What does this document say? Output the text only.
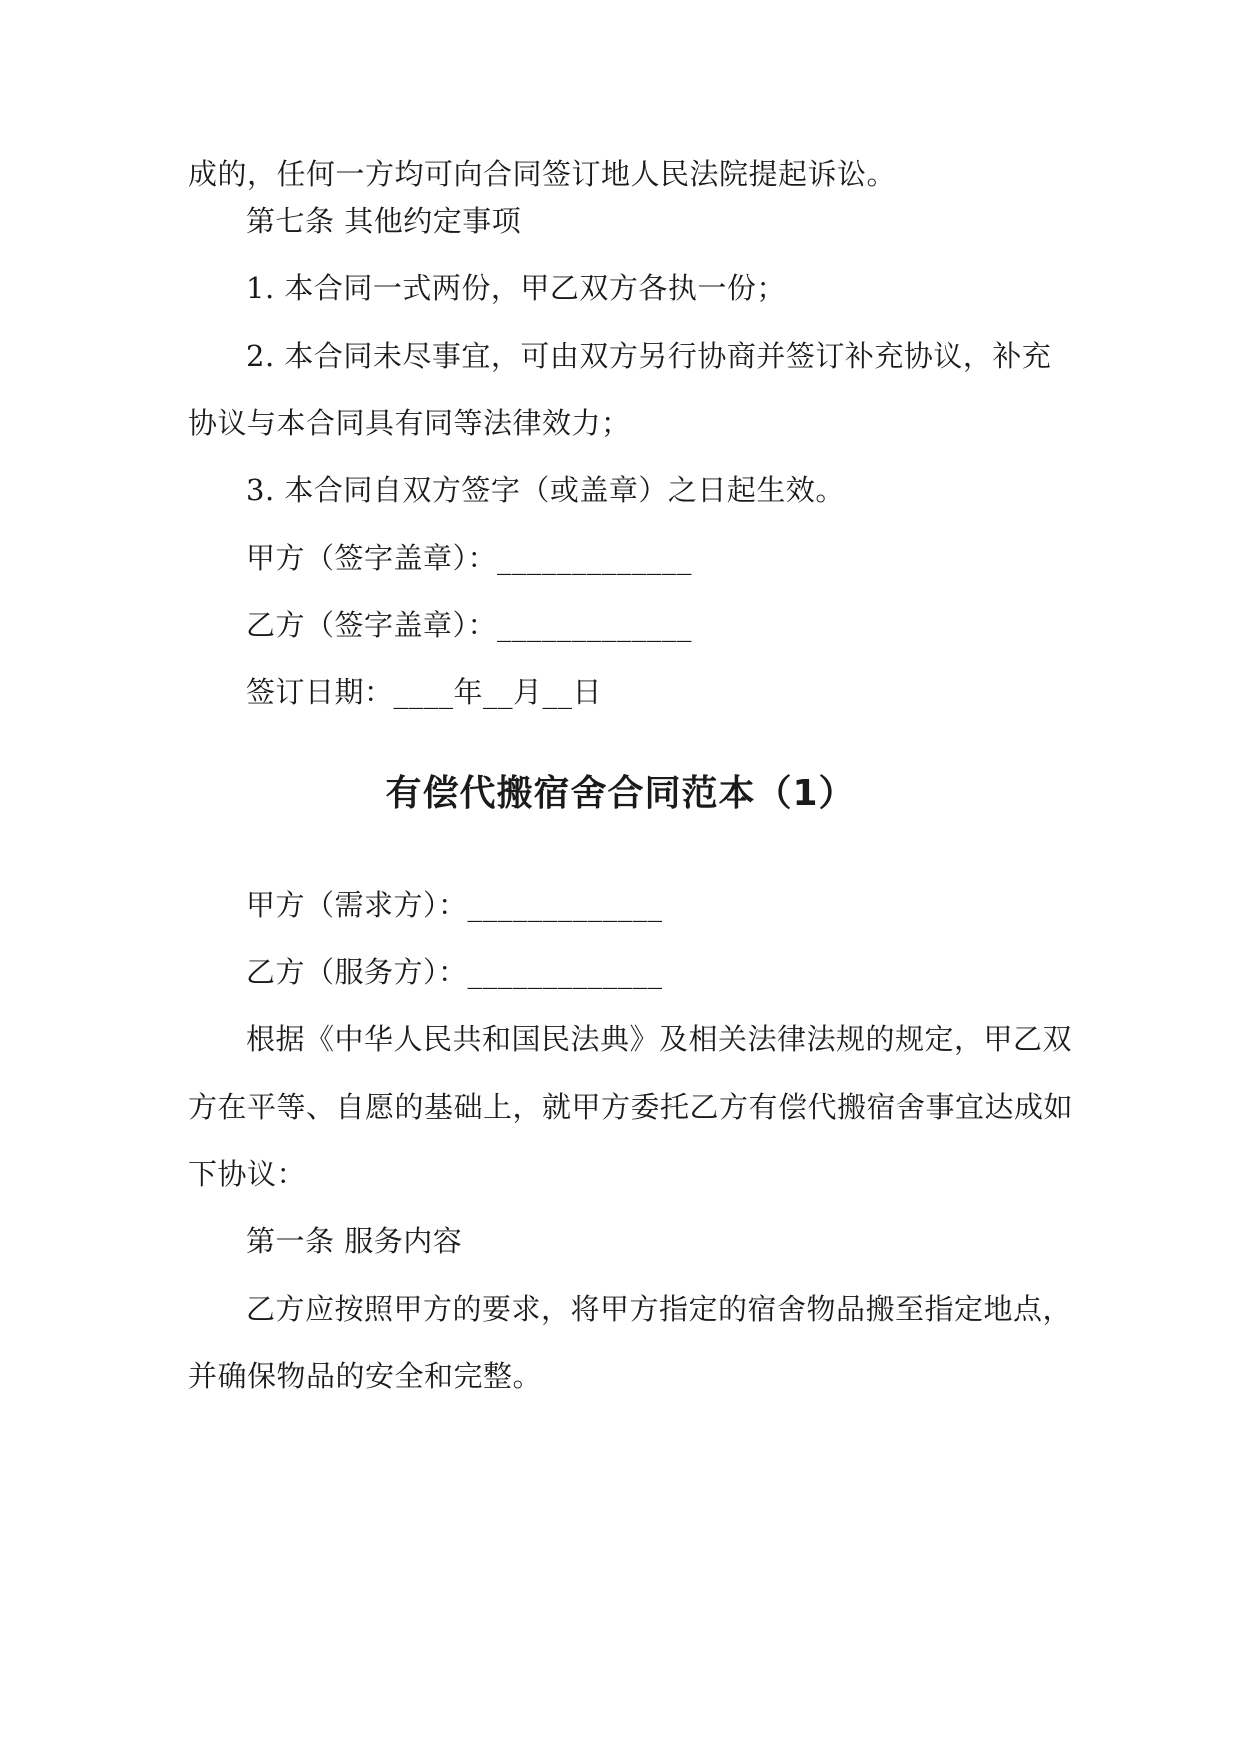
成的，任何一方均可向合同签订地人民法院提起诉讼。
第七条 其他约定事项
1. 本合同一式两份，甲乙双方各执一份；
2. 本合同未尽事宜，可由双方另行协商并签订补充协议，补充
协议与本合同具有同等法律效力；
3. 本合同自双方签字（或盖章）之日起生效。
甲方（签字盖章）：_____________
乙方（签字盖章）：_____________
签订日期：____年__月__日
有偿代搬宿舍合同范本（1）
甲方（需求方）：_____________
乙方（服务方）：_____________
根据《中华人民共和国民法典》及相关法律法规的规定，甲乙双
方在平等、自愿的基础上，就甲方委托乙方有偿代搬宿舍事宜达成如
下协议：
第一条 服务内容
乙方应按照甲方的要求，将甲方指定的宿舍物品搬至指定地点，
并确保物品的安全和完整。
